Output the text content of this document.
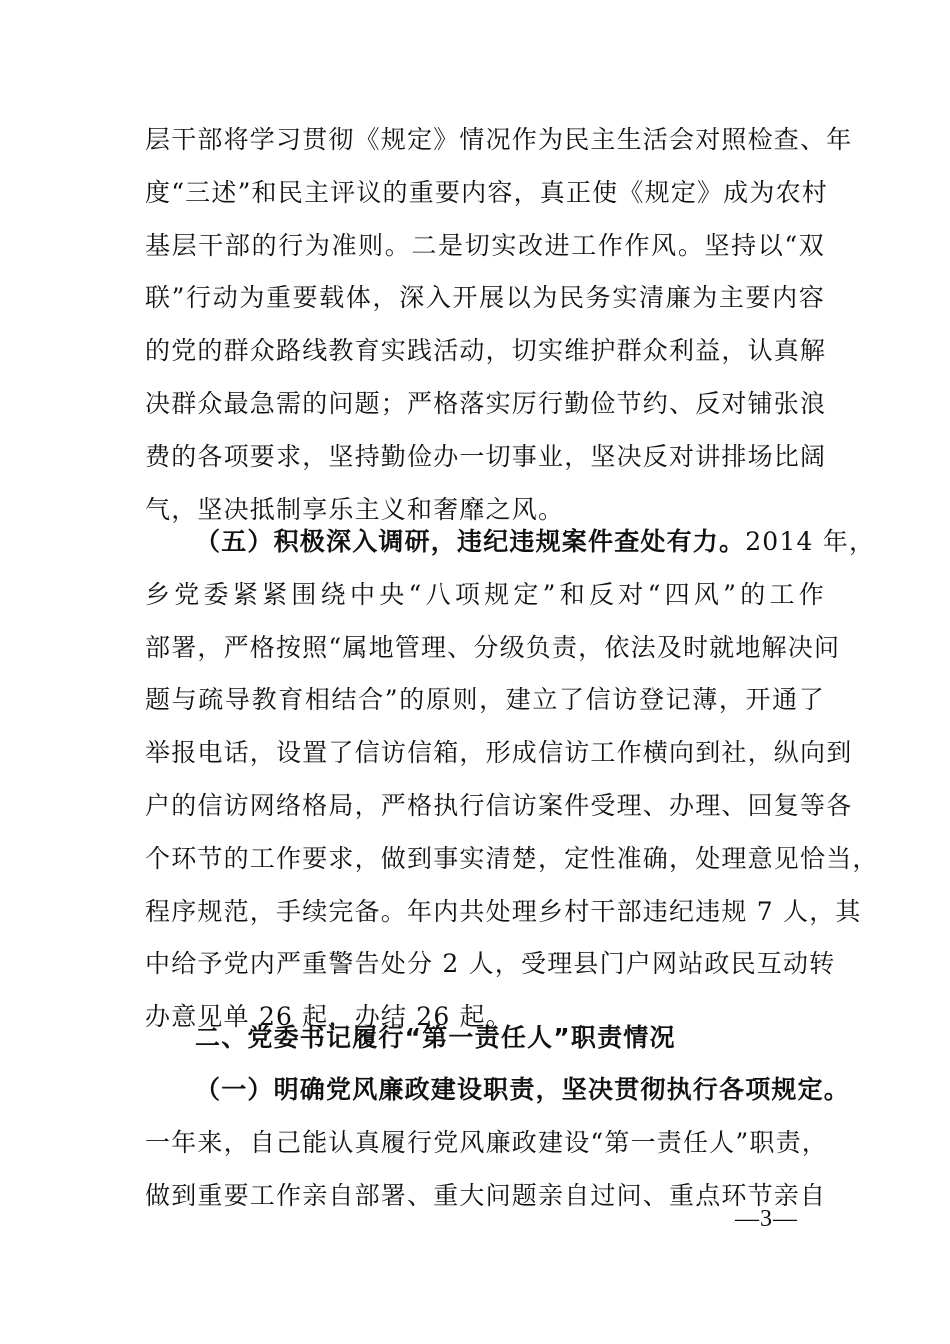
层干部将学习贯彻《规定》情况作为民主生活会对照检查、年
度“三述”和民主评议的重要内容，真正使《规定》成为农村
基层干部的行为准则。二是切实改进工作作风。坚持以“双
联”行动为重要载体，深入开展以为民务实清廉为主要内容
的党的群众路线教育实践活动，切实维护群众利益，认真解
决群众最急需的问题；严格落实厉行勤俭节约、反对铺张浪
费的各项要求，坚持勤俭办一切事业，坚决反对讲排场比阔
气，坚决抵制享乐主义和奢靡之风。
（五）积极深入调研，违纪违规案件查处有力。2014 年，
乡党委紧紧围绕中央“八项规定”和反对“四风”的工作
部署，严格按照“属地管理、分级负责，依法及时就地解决问
题与疏导教育相结合”的原则，建立了信访登记薄，开通了
举报电话，设置了信访信箱，形成信访工作横向到社，纵向到
户的信访网络格局，严格执行信访案件受理、办理、回复等各
个环节的工作要求，做到事实清楚，定性准确，处理意见恰当，
程序规范，手续完备。年内共处理乡村干部违纪违规 7 人，其
中给予党内严重警告处分 2 人，受理县门户网站政民互动转
办意见单 26 起，办结 26 起。
二、党委书记履行“第一责任人”职责情况
（一）明确党风廉政建设职责，坚决贯彻执行各项规定。
一年来，自己能认真履行党风廉政建设“第一责任人”职责，
做到重要工作亲自部署、重大问题亲自过问、重点环节亲自
—3—
